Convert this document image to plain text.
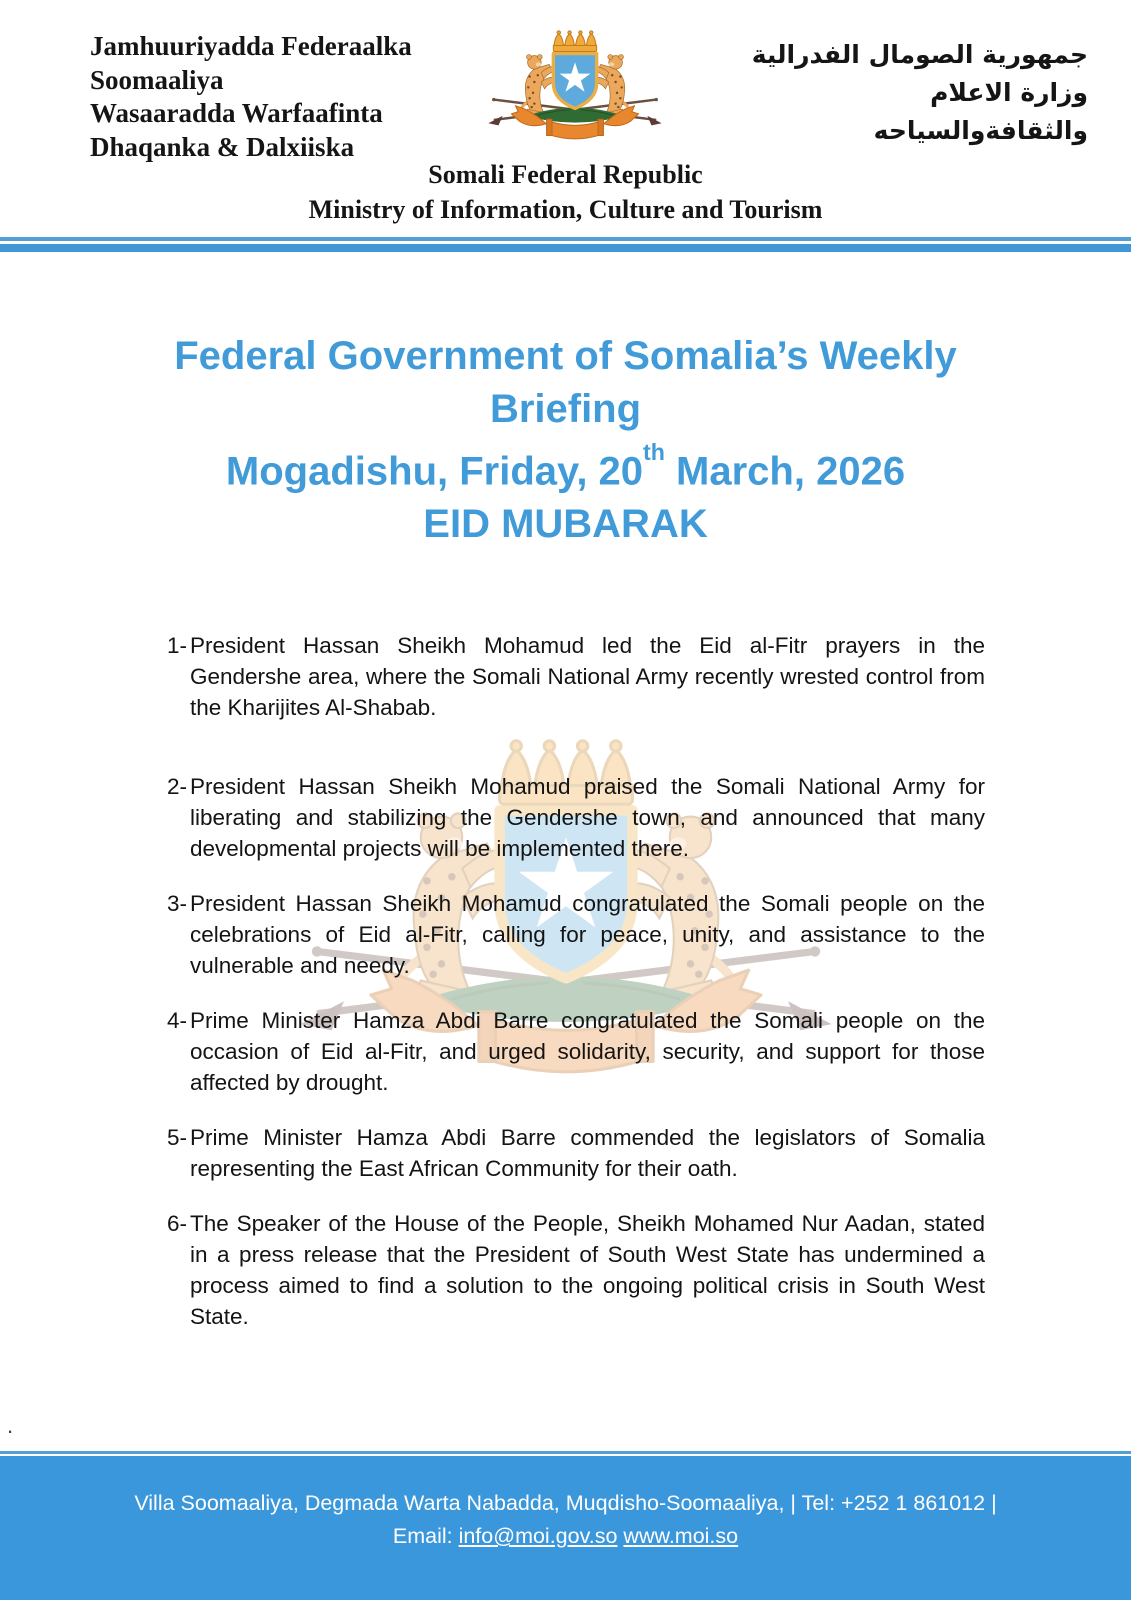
Jamhuuriyadda Federaalka
Soomaaliya
Wasaaradda Warfaafinta
Dhaqanka & Dalxiiska
جمهورية الصومال الفدرالية
وزارة الاعلام
والثقافةوالسياحه
Somali Federal Republic
Ministry of Information, Culture and Tourism
Federal Government of Somalia’s Weekly
Briefing
Mogadishu, Friday, 20th March, 2026
EID MUBARAK
1- President Hassan Sheikh Mohamud led the Eid al-Fitr prayers in the Gendershe area, where the Somali National Army recently wrested control from the Kharijites Al-Shabab.
2- President Hassan Sheikh Mohamud praised the Somali National Army for liberating and stabilizing the Gendershe town, and announced that many developmental projects will be implemented there.
3- President Hassan Sheikh Mohamud congratulated the Somali people on the celebrations of Eid al-Fitr, calling for peace, unity, and assistance to the vulnerable and needy.
4- Prime Minister Hamza Abdi Barre congratulated the Somali people on the occasion of Eid al-Fitr, and urged solidarity, security, and support for those affected by drought.
5- Prime Minister Hamza Abdi Barre commended the legislators of Somalia representing the East African Community for their oath.
6- The Speaker of the House of the People, Sheikh Mohamed Nur Aadan, stated in a press release that the President of South West State has undermined a process aimed to find a solution to the ongoing political crisis in South West State.
.
Villa Soomaaliya, Degmada Warta Nabadda, Muqdisho-Soomaaliya, | Tel: +252 1 861012 |
Email: info@moi.gov.so www.moi.so
